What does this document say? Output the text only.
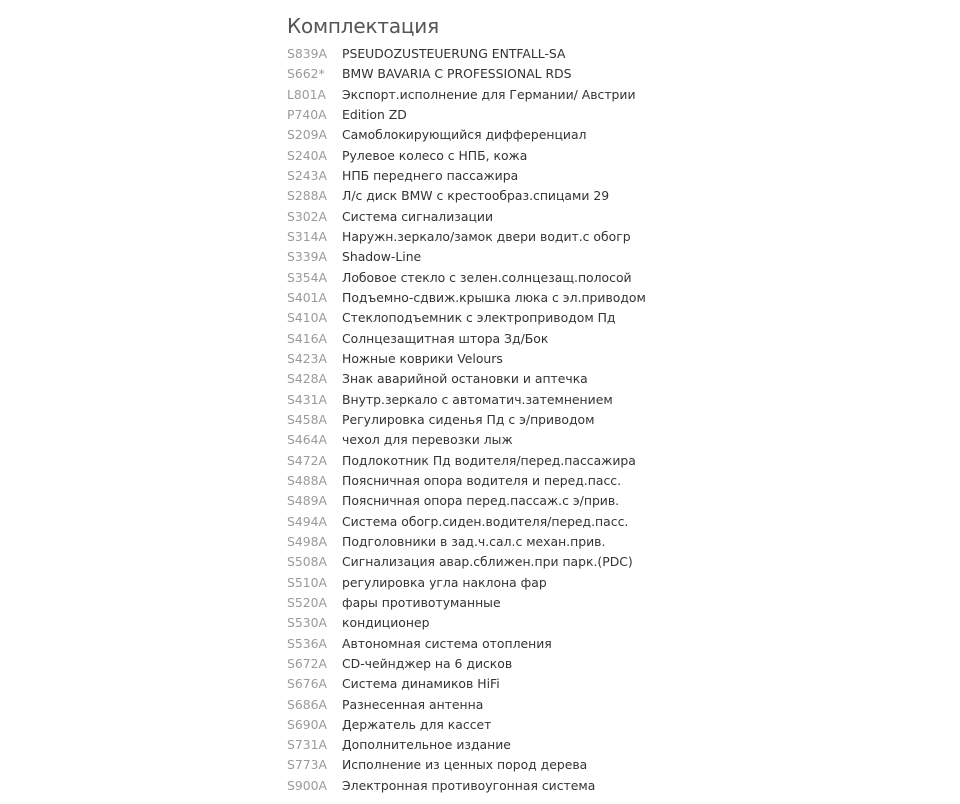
Комплектация
S839A	PSEUDOZUSTEUERUNG ENTFALL-SA
S662*	BMW BAVARIA C PROFESSIONAL RDS
L801A	Экспорт.исполнение для Германии/ Австрии
P740A	Edition ZD
S209A	Самоблокирующийся дифференциал
S240A	Рулевое колесо с НПБ, кожа
S243A	НПБ переднего пассажира
S288A	Л/с диск BMW с крестообраз.спицами 29
S302A	Система сигнализации
S314A	Наружн.зеркало/замок двери водит.с обогр
S339A	Shadow-Line
S354A	Лобовое стекло с зелен.солнцезащ.полосой
S401A	Подъемно-сдвиж.крышка люка с эл.приводом
S410A	Стеклоподъемник с электроприводом Пд
S416A	Солнцезащитная штора Зд/Бок
S423A	Ножные коврики Velours
S428A	Знак аварийной остановки и аптечка
S431A	Внутр.зеркало с автоматич.затемнением
S458A	Регулировка сиденья Пд с э/приводом
S464A	чехол для перевозки лыж
S472A	Подлокотник Пд водителя/перед.пассажира
S488A	Поясничная опора водителя и перед.пасс.
S489A	Поясничная опора перед.пассаж.с э/прив.
S494A	Система обогр.сиден.водителя/перед.пасс.
S498A	Подголовники в зад.ч.сал.с механ.прив.
S508A	Сигнализация авар.сближен.при парк.(PDC)
S510A	регулировка угла наклона фар
S520A	фары противотуманные
S530A	кондиционер
S536A	Автономная система отопления
S672A	CD-чейнджер на 6 дисков
S676A	Система динамиков HiFi
S686A	Разнесенная антенна
S690A	Держатель для кассет
S731A	Дополнительное издание
S773A	Исполнение из ценных пород дерева
S900A	Электронная противоугонная система
